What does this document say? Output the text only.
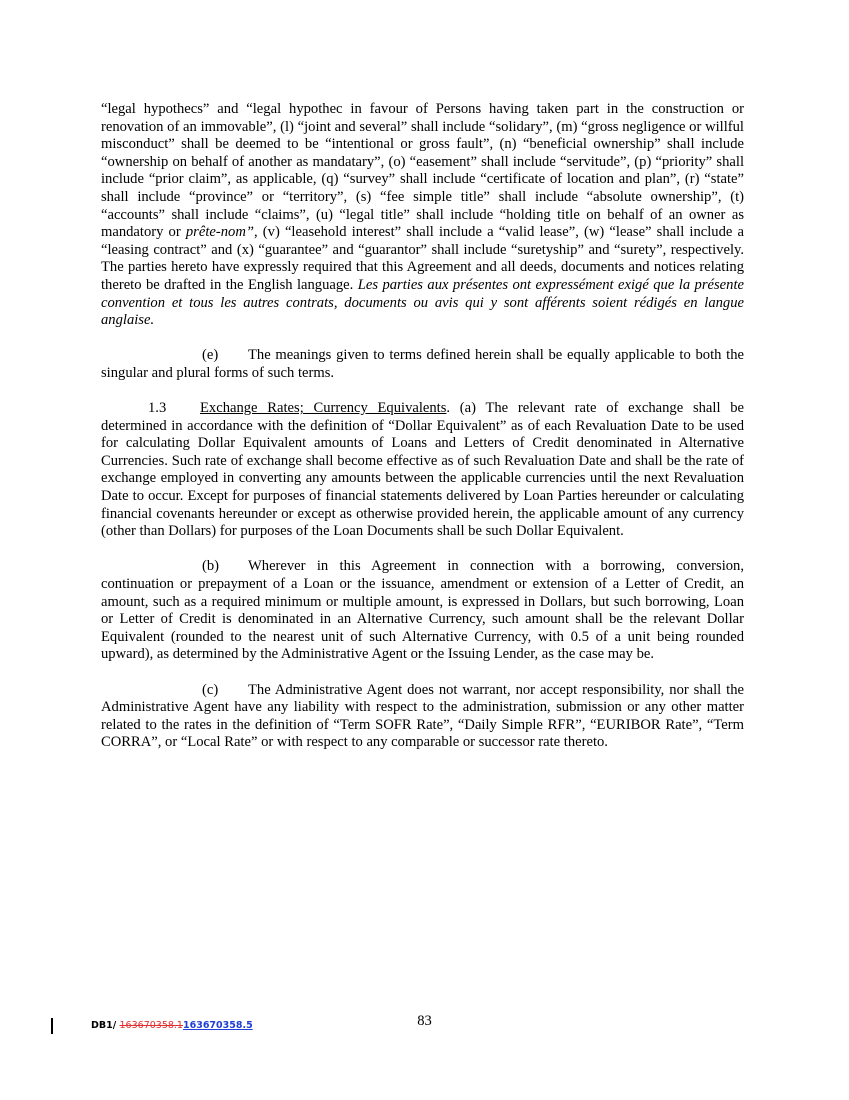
“legal hypothecs” and “legal hypothec in favour of Persons having taken part in the construction or renovation of an immovable”, (l) “joint and several” shall include “solidary”, (m) “gross negligence or willful misconduct” shall be deemed to be “intentional or gross fault”, (n) “beneficial ownership” shall include “ownership on behalf of another as mandatary”, (o) “easement” shall include “servitude”, (p) “priority” shall include “prior claim”, as applicable, (q) “survey” shall include “certificate of location and plan”, (r) “state” shall include “province” or “territory”, (s) “fee simple title” shall include “absolute ownership”, (t) “accounts” shall include “claims”, (u) “legal title” shall include “holding title on behalf of an owner as mandatory or prête-nom”, (v) “leasehold interest” shall include a “valid lease”, (w) “lease” shall include a “leasing contract” and (x) “guarantee” and “guarantor” shall include “suretyship” and “surety”, respectively. The parties hereto have expressly required that this Agreement and all deeds, documents and notices relating thereto be drafted in the English language. Les parties aux présentes ont expressément exigé que la présente convention et tous les autres contrats, documents ou avis qui y sont afférents soient rédigés en langue anglaise.

(e) The meanings given to terms defined herein shall be equally applicable to both the singular and plural forms of such terms.

1.3 Exchange Rates; Currency Equivalents. (a) The relevant rate of exchange shall be determined in accordance with the definition of “Dollar Equivalent” as of each Revaluation Date to be used for calculating Dollar Equivalent amounts of Loans and Letters of Credit denominated in Alternative Currencies. Such rate of exchange shall become effective as of such Revaluation Date and shall be the rate of exchange employed in converting any amounts between the applicable currencies until the next Revaluation Date to occur. Except for purposes of financial statements delivered by Loan Parties hereunder or calculating financial covenants hereunder or except as otherwise provided herein, the applicable amount of any currency (other than Dollars) for purposes of the Loan Documents shall be such Dollar Equivalent.

(b) Wherever in this Agreement in connection with a borrowing, conversion, continuation or prepayment of a Loan or the issuance, amendment or extension of a Letter of Credit, an amount, such as a required minimum or multiple amount, is expressed in Dollars, but such borrowing, Loan or Letter of Credit is denominated in an Alternative Currency, such amount shall be the relevant Dollar Equivalent (rounded to the nearest unit of such Alternative Currency, with 0.5 of a unit being rounded upward), as determined by the Administrative Agent or the Issuing Lender, as the case may be.

(c) The Administrative Agent does not warrant, nor accept responsibility, nor shall the Administrative Agent have any liability with respect to the administration, submission or any other matter related to the rates in the definition of “Term SOFR Rate”, “Daily Simple RFR”, “EURIBOR Rate”, “Term CORRA”, or “Local Rate” or with respect to any comparable or successor rate thereto.

83
DB1/ 163670358.1163670358.5
